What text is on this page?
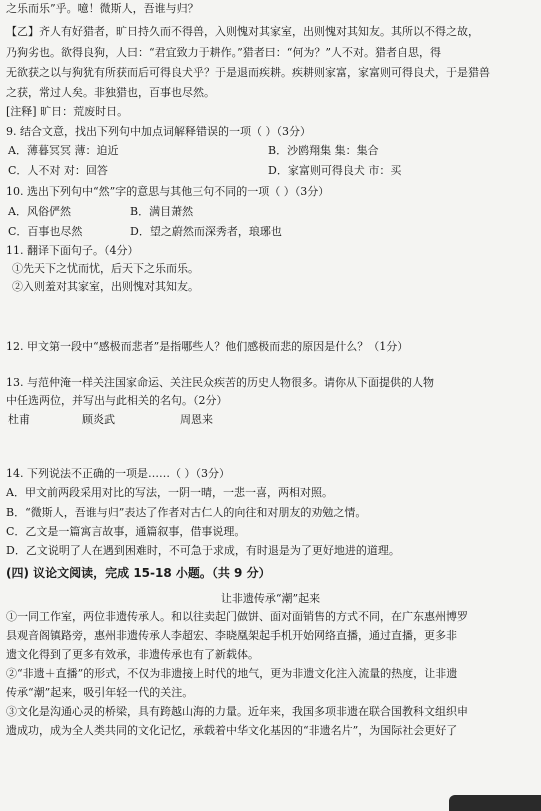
之乐而乐”乎。噫！微斯人，吾谁与归？
【乙】齐人有好猎者，旷日持久而不得兽，入则愧对其家室，出则愧对其知友。其所以不得之故，
乃狗劣也。欲得良狗，人曰：“君宜致力于耕作。”猎者曰：“何为？”人不对。猎者自思，得
无欲获之以与狗犹有所获而后可得良犬乎？于是退而疾耕。疾耕则家富，家富则可得良犬，于是猎兽
之获，常过人矣。非独猎也，百事也尽然。
[注释] 旷日：荒废时日。
9. 结合文意，找出下列句中加点词解释错误的一项（ ）（3分）
A．薄暮冥冥 薄：迫近	B．沙鸥翔集 集：集合
C．人不对 对：回答	D．家富则可得良犬 市：买
10. 选出下列句中“然”字的意思与其他三句不同的一项（ ）（3分）
A．风俗俨然	B．满目萧然
C．百事也尽然	D．望之蔚然而深秀者，琅琊也
11. 翻译下面句子。（4分）
①先天下之忧而忧，后天下之乐而乐。
②入则羞对其家室，出则愧对其知友。
12. 甲文第一段中“感极而悲者”是指哪些人？他们感极而悲的原因是什么？（1分）
13. 与范仲淹一样关注国家命运、关注民众疾苦的历史人物很多。请你从下面提供的人物
中任选两位，并写出与此相关的名句。（2分）
杜甫	顾炎武	周恩来
14. 下列说法不正确的一项是……（ ）（3分）
A．甲文前两段采用对比的写法，一阴一晴，一悲一喜，两相对照。
B．“微斯人，吾谁与归”表达了作者对古仁人的向往和对朋友的劝勉之情。
C．乙文是一篇寓言故事，通篇叙事，借事说理。
D．乙文说明了人在遇到困难时，不可急于求成，有时退是为了更好地进的道理。
(四) 议论文阅读，完成 15-18 小题。（共 9 分）
让非遗传承“潮”起来
①一同工作室，两位非遗传承人。和以往卖起门做饼、面对面销售的方式不同，在广东惠州博罗
县观音阁镇路旁，惠州非遗传承人李超宏、李晓凰架起手机开始网络直播，通过直播，更多非
遗文化得到了更多有效承，非遗传承也有了新载体。
②“非遗＋直播”的形式，不仅为非遗接上时代的地气，更为非遗文化注入流量的热度，让非遗
传承“潮”起来，吸引年轻一代的关注。
③文化是沟通心灵的桥梁，具有跨越山海的力量。近年来，我国多项非遗在联合国教科文组织申
遗成功，成为全人类共同的文化记忆，承载着中华文化基因的“非遗名片”，为国际社会更好了
